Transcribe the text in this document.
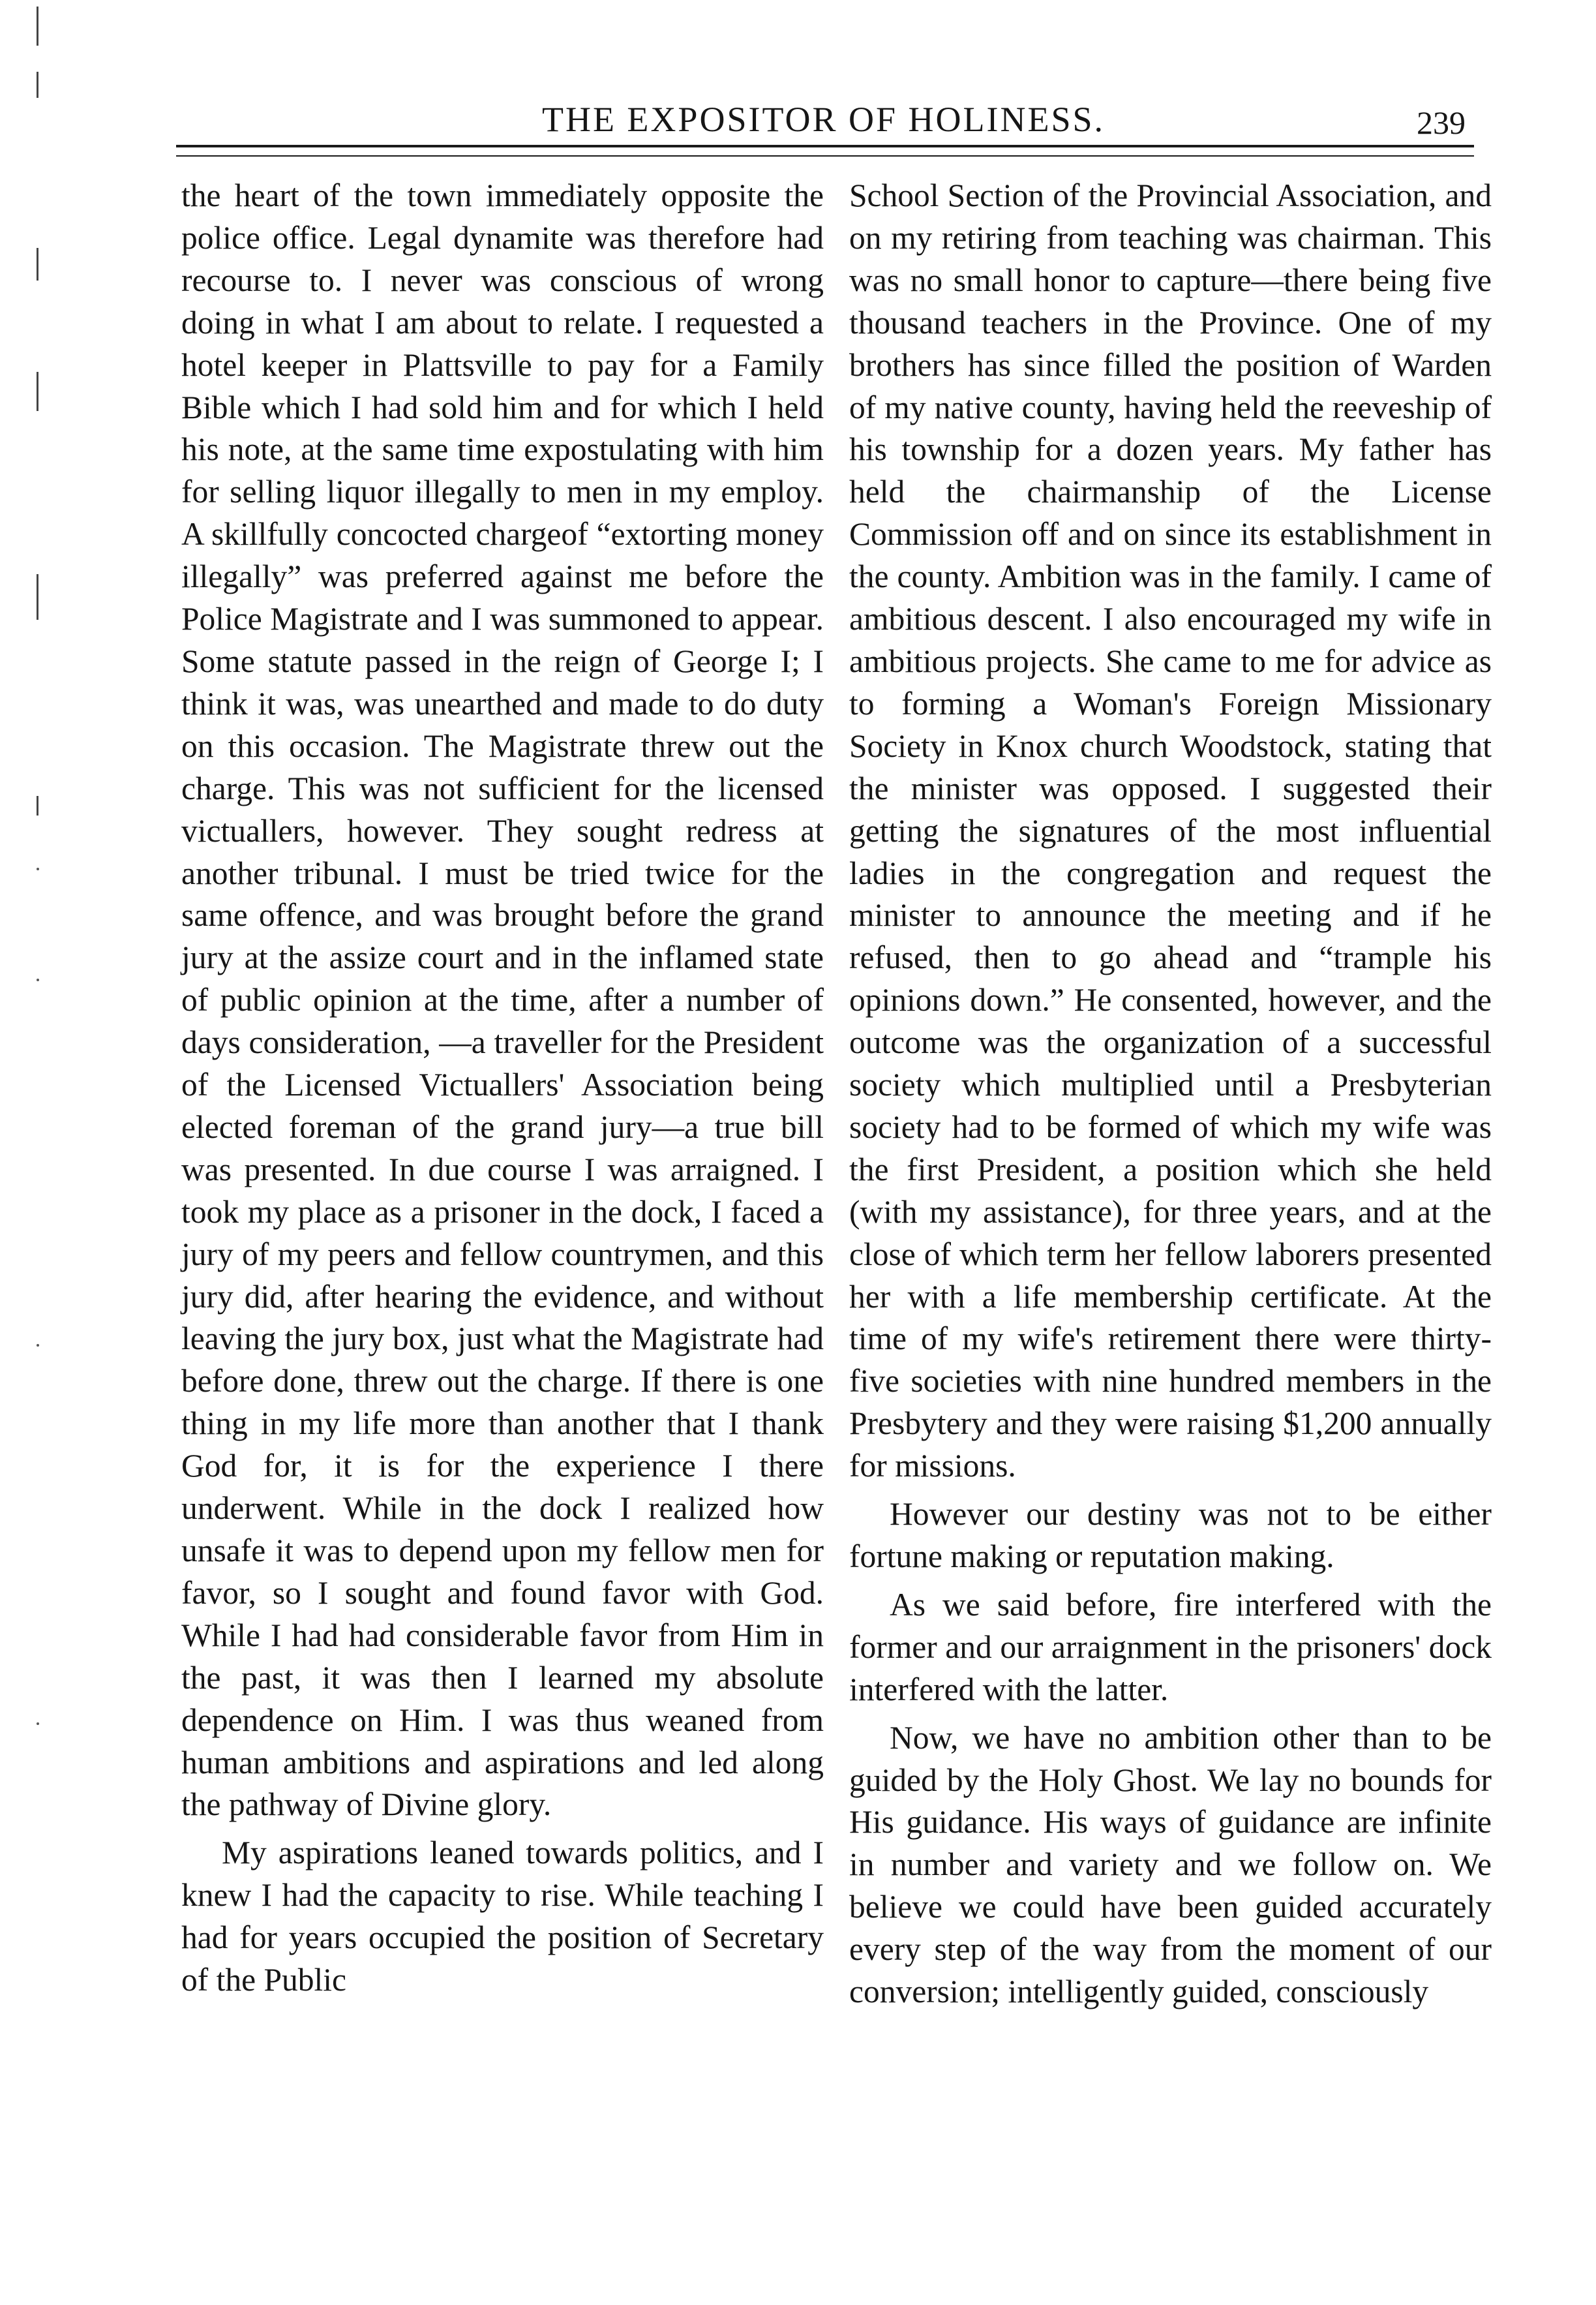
THE EXPOSITOR OF HOLINESS.	239

the heart of the town immediately opposite the police office. Legal dynamite was therefore had recourse to. I never was conscious of wrong doing in what I am about to relate. I requested a hotel keeper in Plattsville to pay for a Family Bible which I had sold him and for which I held his note, at the same time expostulating with him for selling liquor illegally to men in my employ. A skillfully concocted chargeof “extorting money illegally” was preferred against me before the Police Magistrate and I was summoned to appear. Some statute passed in the reign of George I; I think it was, was unearthed and made to do duty on this occasion. The Magistrate threw out the charge. This was not sufficient for the licensed victuallers, however. They sought redress at another tribunal. I must be tried twice for the same offence, and was brought before the grand jury at the assize court and in the inflamed state of public opinion at the time, after a number of days consideration, —a traveller for the President of the Licensed Victuallers' Association being elected foreman of the grand jury—a true bill was presented. In due course I was arraigned. I took my place as a prisoner in the dock, I faced a jury of my peers and fellow countrymen, and this jury did, after hearing the evidence, and without leaving the jury box, just what the Magistrate had before done, threw out the charge. If there is one thing in my life more than another that I thank God for, it is for the experience I there underwent. While in the dock I realized how unsafe it was to depend upon my fellow men for favor, so I sought and found favor with God. While I had had considerable favor from Him in the past, it was then I learned my absolute dependence on Him. I was thus weaned from human ambitions and aspirations and led along the pathway of Divine glory.

My aspirations leaned towards politics, and I knew I had the capacity to rise. While teaching I had for years occupied the position of Secretary of the Public

School Section of the Provincial Association, and on my retiring from teaching was chairman. This was no small honor to capture—there being five thousand teachers in the Province. One of my brothers has since filled the position of Warden of my native county, having held the reeveship of his township for a dozen years. My father has held the chairmanship of the License Commission off and on since its establishment in the county. Ambition was in the family. I came of ambitious descent. I also encouraged my wife in ambitious projects. She came to me for advice as to forming a Woman's Foreign Missionary Society in Knox church Woodstock, stating that the minister was opposed. I suggested their getting the signatures of the most influential ladies in the congregation and request the minister to announce the meeting and if he refused, then to go ahead and “trample his opinions down.” He consented, however, and the outcome was the organization of a successful society which multiplied until a Presbyterian society had to be formed of which my wife was the first President, a position which she held (with my assistance), for three years, and at the close of which term her fellow laborers presented her with a life membership certificate. At the time of my wife's retirement there were thirty-five societies with nine hundred members in the Presbytery and they were raising $1,200 annually for missions.

However our destiny was not to be either fortune making or reputation making.

As we said before, fire interfered with the former and our arraignment in the prisoners' dock interfered with the latter.

Now, we have no ambition other than to be guided by the Holy Ghost. We lay no bounds for His guidance. His ways of guidance are infinite in number and variety and we follow on. We believe we could have been guided accurately every step of the way from the moment of our conversion; intelligently guided, consciously
